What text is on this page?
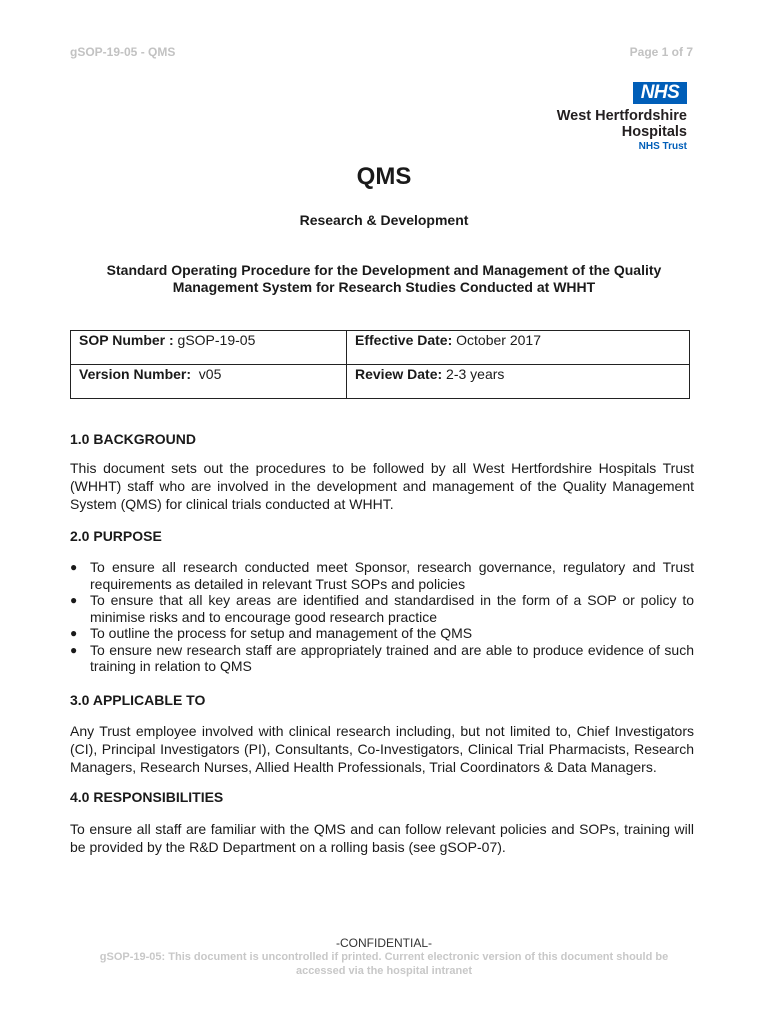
gSOP-19-05 - QMS	Page 1 of 7
NHS
West Hertfordshire
Hospitals
NHS Trust
QMS
Research & Development
Standard Operating Procedure for the Development and Management of the Quality Management System for Research Studies Conducted at WHHT
SOP Number : gSOP-19-05	Effective Date: October 2017
Version Number:  v05	Review Date: 2-3 years
1.0 BACKGROUND
This document sets out the procedures to be followed by all West Hertfordshire Hospitals Trust (WHHT) staff who are involved in the development and management of the Quality Management System (QMS) for clinical trials conducted at WHHT.
2.0 PURPOSE
● To ensure all research conducted meet Sponsor, research governance, regulatory and Trust requirements as detailed in relevant Trust SOPs and policies
● To ensure that all key areas are identified and standardised in the form of a SOP or policy to minimise risks and to encourage good research practice
● To outline the process for setup and management of the QMS
● To ensure new research staff are appropriately trained and are able to produce evidence of such training in relation to QMS
3.0 APPLICABLE TO
Any Trust employee involved with clinical research including, but not limited to, Chief Investigators (CI), Principal Investigators (PI), Consultants, Co-Investigators, Clinical Trial Pharmacists, Research Managers, Research Nurses, Allied Health Professionals, Trial Coordinators & Data Managers.
4.0 RESPONSIBILITIES
To ensure all staff are familiar with the QMS and can follow relevant policies and SOPs, training will be provided by the R&D Department on a rolling basis (see gSOP-07).
-CONFIDENTIAL-
gSOP-19-05: This document is uncontrolled if printed. Current electronic version of this document should be accessed via the hospital intranet
